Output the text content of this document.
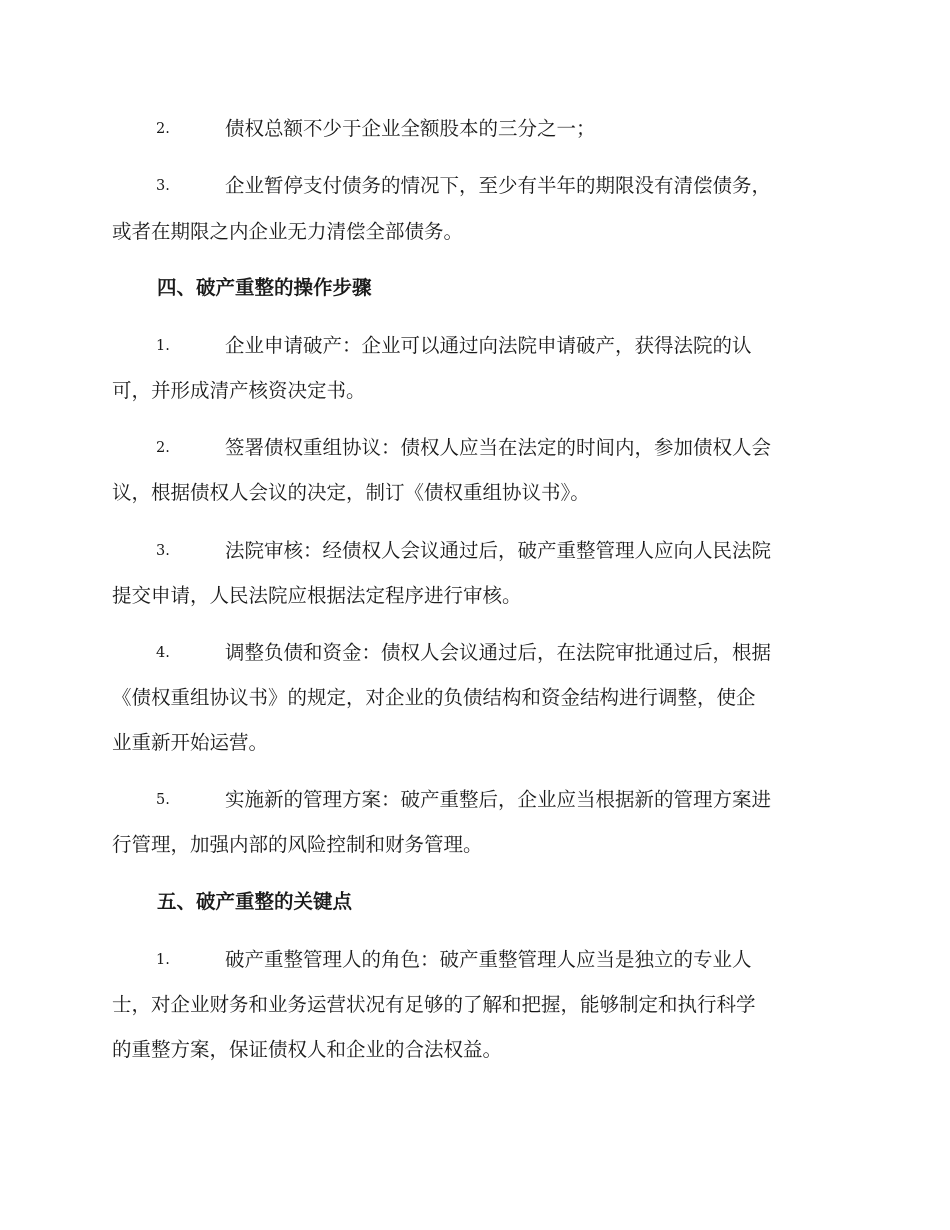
2.	债权总额不少于企业全额股本的三分之一；
3.	企业暂停支付债务的情况下，至少有半年的期限没有清偿债务，
或者在期限之内企业无力清偿全部债务。
四、破产重整的操作步骤
1.	企业申请破产：企业可以通过向法院申请破产，获得法院的认
可，并形成清产核资决定书。
2.	签署债权重组协议：债权人应当在法定的时间内，参加债权人会
议，根据债权人会议的决定，制订《债权重组协议书》。
3.	法院审核：经债权人会议通过后，破产重整管理人应向人民法院
提交申请，人民法院应根据法定程序进行审核。
4.	调整负债和资金：债权人会议通过后，在法院审批通过后，根据
《债权重组协议书》的规定，对企业的负债结构和资金结构进行调整，使企
业重新开始运营。
5.	实施新的管理方案：破产重整后，企业应当根据新的管理方案进
行管理，加强内部的风险控制和财务管理。
五、破产重整的关键点
1.	破产重整管理人的角色：破产重整管理人应当是独立的专业人
士，对企业财务和业务运营状况有足够的了解和把握，能够制定和执行科学
的重整方案，保证债权人和企业的合法权益。
